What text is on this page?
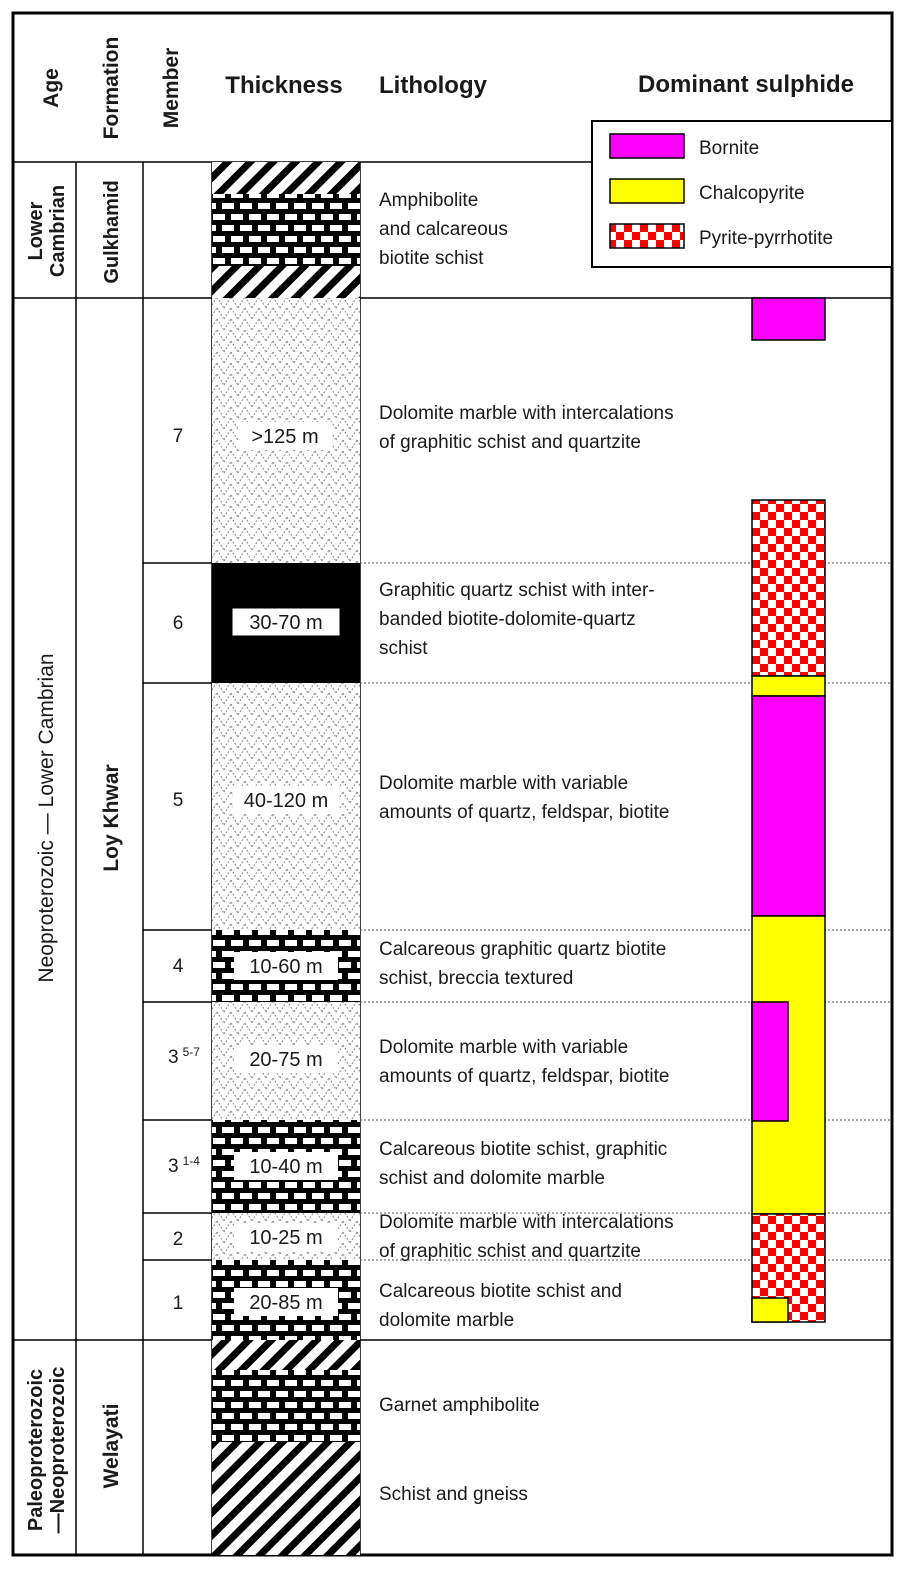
Age Formation Member Thickness Lithology	Dominant sulphide
Bornite
Chalcopyrite
Pyrite-pyrrhotite
Lower Cambrian
Neoproterozoic — Lower Cambrian
Paleoproterozoic —Neoproterozoic
Gulkhamid
Loy Khwar
Welayati
7
6
5
4
3 $^{5-7}$
3 $^{1-4}$
2
1
>125 m
30-70 m
40-120 m
10-60 m
20-75 m
10-40 m
10-25 m
20-85 m
Amphibolite
and calcareous
biotite schist
Dolomite marble with intercalations
of graphitic schist and quartzite
Graphitic quartz schist with inter-
banded biotite-dolomite-quartz
schist
Dolomite marble with variable
amounts of quartz, feldspar, biotite
Calcareous graphitic quartz biotite
schist, breccia textured
Dolomite marble with variable
amounts of quartz, feldspar, biotite
Calcareous biotite schist, graphitic
schist and dolomite marble
Dolomite marble with intercalations
of graphitic schist and quartzite
Calcareous biotite schist and
dolomite marble
Garnet amphibolite
Schist and gneiss
